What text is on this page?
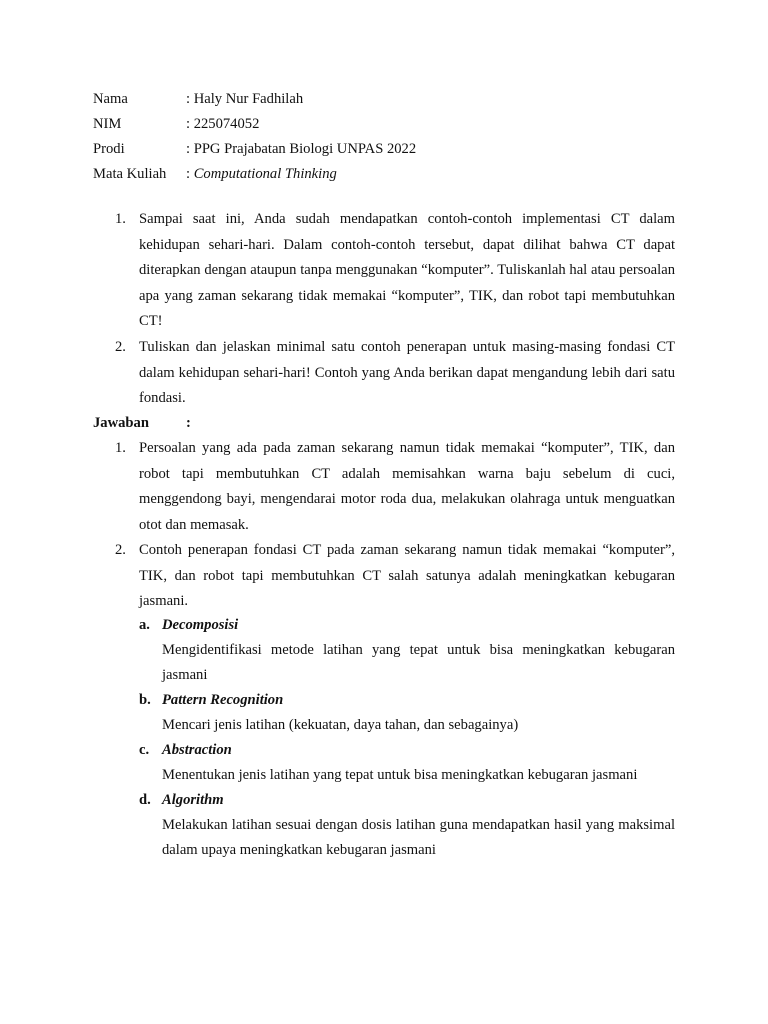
Nama	: Haly Nur Fadhilah
NIM	: 225074052
Prodi	: PPG Prajabatan Biologi UNPAS 2022
Mata Kuliah	: Computational Thinking
1. Sampai saat ini, Anda sudah mendapatkan contoh-contoh implementasi CT dalam kehidupan sehari-hari. Dalam contoh-contoh tersebut, dapat dilihat bahwa CT dapat diterapkan dengan ataupun tanpa menggunakan “komputer”. Tuliskanlah hal atau persoalan apa yang zaman sekarang tidak memakai “komputer”, TIK, dan robot tapi membutuhkan CT!
2. Tuliskan dan jelaskan minimal satu contoh penerapan untuk masing-masing fondasi CT dalam kehidupan sehari-hari! Contoh yang Anda berikan dapat mengandung lebih dari satu fondasi.
Jawaban	:
1. Persoalan yang ada pada zaman sekarang namun tidak memakai “komputer”, TIK, dan robot tapi membutuhkan CT adalah memisahkan warna baju sebelum di cuci, menggendong bayi, mengendarai motor roda dua, melakukan olahraga untuk menguatkan otot dan memasak.
2. Contoh penerapan fondasi CT pada zaman sekarang namun tidak memakai “komputer”, TIK, dan robot tapi membutuhkan CT salah satunya adalah meningkatkan kebugaran jasmani.
a. Decomposisi
Mengidentifikasi metode latihan yang tepat untuk bisa meningkatkan kebugaran jasmani
b. Pattern Recognition
Mencari jenis latihan (kekuatan, daya tahan, dan sebagainya)
c. Abstraction
Menentukan jenis latihan yang tepat untuk bisa meningkatkan kebugaran jasmani
d. Algorithm
Melakukan latihan sesuai dengan dosis latihan guna mendapatkan hasil yang maksimal dalam upaya meningkatkan kebugaran jasmani
